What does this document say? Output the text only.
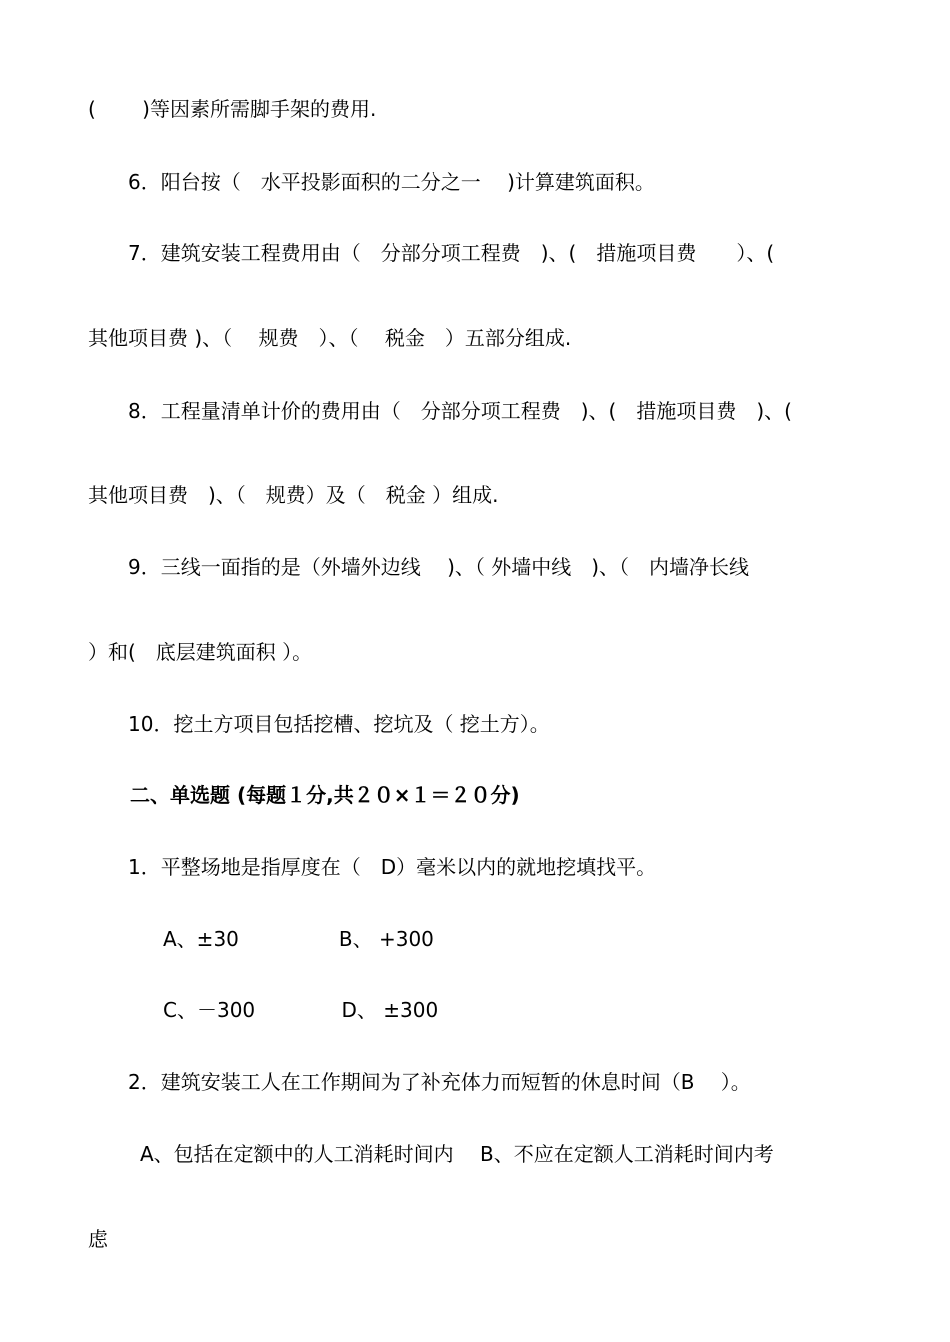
(　　 )等因素所需脚手架的费用.

6．阳台按（　水平投影面积的二分之一　 )计算建筑面积。

7．建筑安装工程费用由（　分部分项工程费　)、(　措施项目费　　）、(

其他项目费 )、（　 规费　）、（　 税金　）五部分组成.

8．工程量清单计价的费用由（　分部分项工程费　)、(　措施项目费　)、(

其他项目费　)、（　规费）及（　税金 ）组成.

9．三线一面指的是（外墙外边线　 )、（ 外墙中线　)、（　内墙净长线

）和(　底层建筑面积 ）。

10．挖土方项目包括挖槽、挖坑及（ 挖土方）。

二、单选题 (每题１分,共２０×１＝２０分)

1．平整场地是指厚度在（　D）毫米以内的就地挖填找平。

A、±30　　　　　B、 +300

C、－300　　　　 D、 ±300

2．建筑安装工人在工作期间为了补充体力而短暂的休息时间（B　 ）。

A、包括在定额中的人工消耗时间内　 B、不应在定额人工消耗时间内考

虑
